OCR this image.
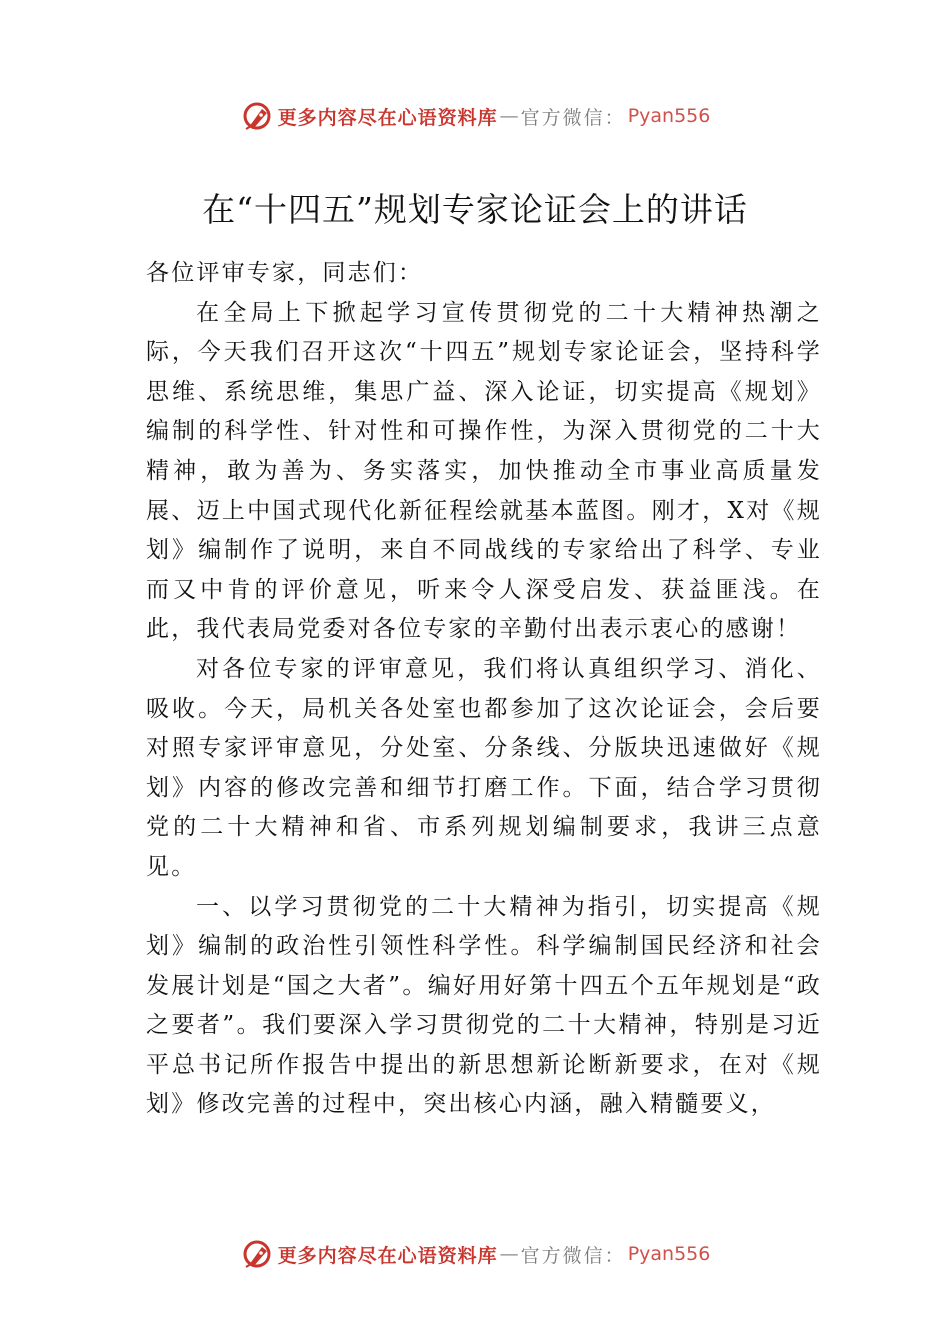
更多内容尽在心语资料库 — 官方微信： Pyan556
在“十四五”规划专家论证会上的讲话

各位评审专家，同志们：

在全局上下掀起学习宣传贯彻党的二十大精神热潮之际，今天我们召开这次“十四五”规划专家论证会，坚持科学思维、系统思维，集思广益、深入论证，切实提高《规划》编制的科学性、针对性和可操作性，为深入贯彻党的二十大精神，敢为善为、务实落实，加快推动全市事业高质量发展、迈上中国式现代化新征程绘就基本蓝图。刚才，X对《规划》编制作了说明，来自不同战线的专家给出了科学、专业而又中肯的评价意见，听来令人深受启发、获益匪浅。在此，我代表局党委对各位专家的辛勤付出表示衷心的感谢！

对各位专家的评审意见，我们将认真组织学习、消化、吸收。今天，局机关各处室也都参加了这次论证会，会后要对照专家评审意见，分处室、分条线、分版块迅速做好《规划》内容的修改完善和细节打磨工作。下面，结合学习贯彻党的二十大精神和省、市系列规划编制要求，我讲三点意见。

一、以学习贯彻党的二十大精神为指引，切实提高《规划》编制的政治性引领性科学性。科学编制国民经济和社会发展计划是“国之大者”。编好用好第十四五个五年规划是“政之要者”。我们要深入学习贯彻党的二十大精神，特别是习近平总书记所作报告中提出的新思想新论断新要求，在对《规划》修改完善的过程中，突出核心内涵，融入精髓要义，

更多内容尽在心语资料库 — 官方微信： Pyan556
